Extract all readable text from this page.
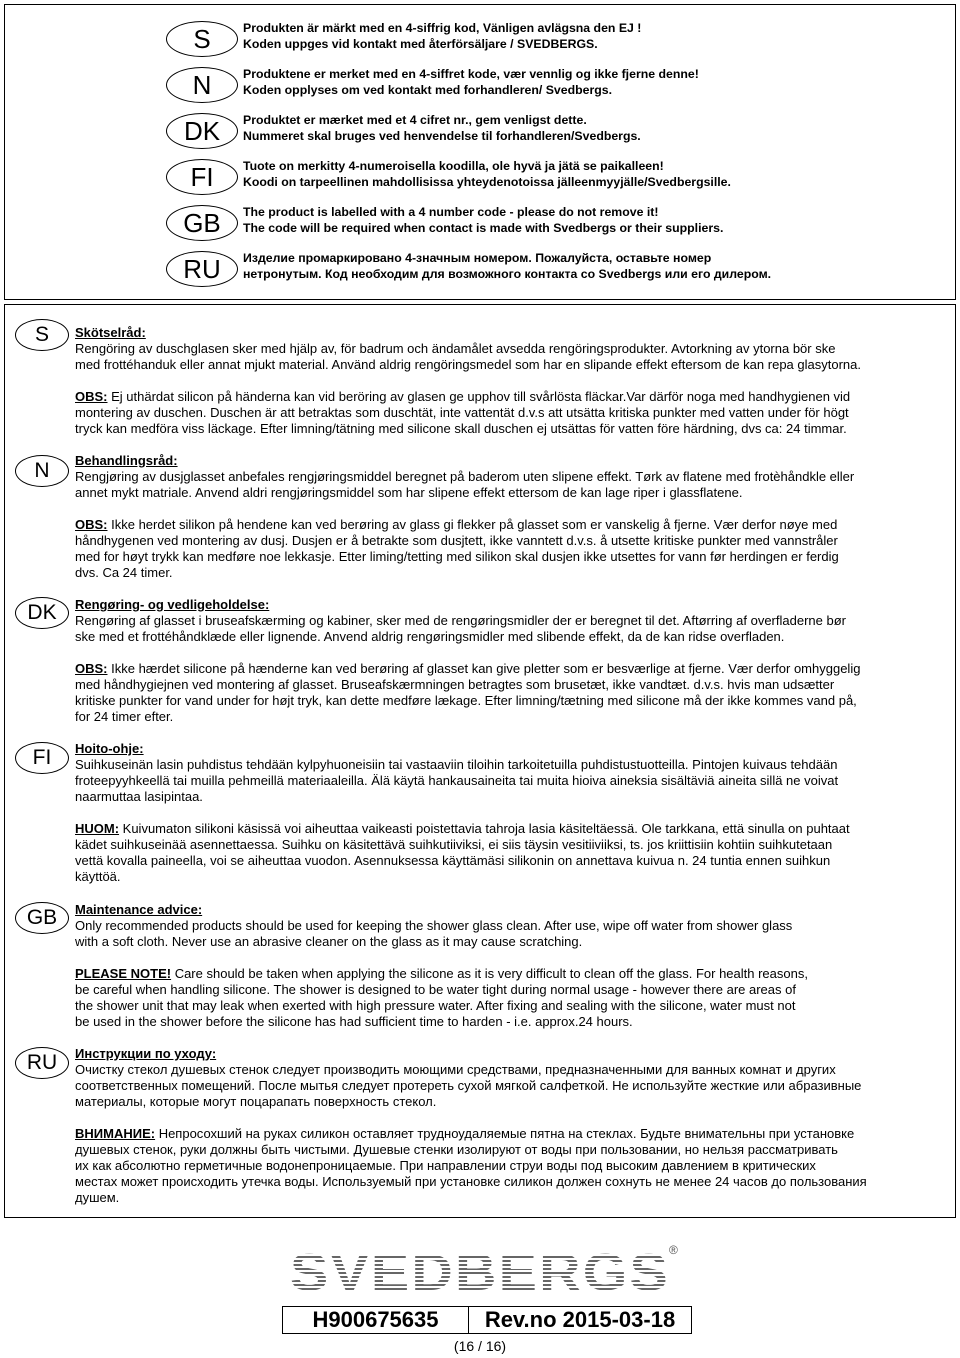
S
N
DK
FI
GB
RU
Produkten är märkt med en 4-siffrig kod, Vänligen avlägsna den EJ !
Koden uppges vid kontakt med återförsäljare / SVEDBERGS.
Produktene er merket med en 4-siffret kode, vær vennlig og ikke fjerne denne!
Koden opplyses om ved kontakt med forhandleren/ Svedbergs.
Produktet er mærket med et 4 cifret nr., gem venligst dette.
Nummeret skal bruges ved henvendelse til forhandleren/Svedbergs.
Tuote on merkitty 4-numeroisella koodilla, ole hyvä ja jätä se paikalleen!
Koodi on tarpeellinen mahdollisissa yhteydenotoissa jälleenmyyjälle/Svedbergsille.
The product is labelled with a 4 number code - please do not remove it!
The code will be required when contact is made with Svedbergs or their suppliers.
Изделие промаркировано 4-значным номером. Пожалуйста, оставьте номер
нетронутым. Код необходим для возможного контакта со Svedbergs или его дилером.
S
N
DK
FI
GB
RU
Skötselråd:

Rengöring av duschglasen sker med hjälp av, för badrum och ändamålet avsedda rengöringsprodukter. Avtorkning av ytorna bör ske

med frottéhanduk eller annat mjukt material. Använd aldrig rengöringsmedel som har en slipande effekt eftersom de kan repa glasytorna.

OBS: Ej uthärdat silicon på händerna kan vid beröring av glasen ge upphov till svårlösta fläckar.Var därför noga med handhygienen vid

montering av duschen. Duschen är att betraktas som duschtät, inte vattentät d.v.s att utsätta kritiska punkter med vatten under för högt

tryck kan medföra viss läckage. Efter limning/tätning med silicone skall duschen ej utsättas för vatten före härdning, dvs ca: 24 timmar.

Behandlingsråd:

Rengjøring av dusjglasset anbefales rengjøringsmiddel beregnet på baderom uten slipene effekt. Tørk av flatene med frotèhåndkle eller

annet mykt matriale. Anvend aldri rengjøringsmiddel som har slipene effekt ettersom de kan lage riper i glassflatene.

OBS: Ikke herdet silikon på hendene kan ved berøring av glass gi flekker på glasset som er vanskelig å fjerne. Vær derfor nøye med

håndhygenen ved montering av dusj. Dusjen er å betrakte som dusjtett, ikke vanntett d.v.s. å utsette kritiske punkter med vannstråler

med for høyt trykk kan medføre noe lekkasje. Etter liming/tetting med silikon skal dusjen ikke utsettes for vann før herdingen er ferdig

dvs. Ca 24 timer.

Rengøring- og vedligeholdelse:

Rengøring af glasset i bruseafskærming og kabiner, sker med de rengøringsmidler der er beregnet til det. Aftørring af overfladerne bør

ske med et frottéhåndklæde eller lignende. Anvend aldrig rengøringsmidler med slibende effekt, da de kan ridse overfladen.

OBS: Ikke hærdet silicone på hænderne kan ved berøring af glasset kan give pletter som er besværlige at fjerne. Vær derfor omhyggelig

med håndhygiejnen ved montering af glasset. Bruseafskærmningen betragtes som brusetæt, ikke vandtæt. d.v.s. hvis man udsætter

kritiske punkter for vand under for højt tryk, kan dette medføre lækage. Efter limning/tætning med silicone må der ikke kommes vand på,

for 24 timer efter.

Hoito-ohje:

Suihkuseinän lasin puhdistus tehdään kylpyhuoneisiin tai vastaaviin tiloihin tarkoitetuilla puhdistustuotteilla. Pintojen kuivaus tehdään

froteepyyhkeellä tai muilla pehmeillä materiaaleilla. Älä käytä hankausaineita tai muita hioiva aineksia sisältäviä aineita sillä ne voivat

naarmuttaa lasipintaa.

HUOM: Kuivumaton silikoni käsissä voi aiheuttaa vaikeasti poistettavia tahroja lasia käsiteltäessä. Ole tarkkana, että sinulla on puhtaat

kädet suihkuseinää asennettaessa. Suihku on käsitettävä suihkutiiviksi, ei siis täysin vesitiiviiksi, ts. jos kriittisiin kohtiin suihkutetaan

vettä kovalla paineella, voi se aiheuttaa vuodon. Asennuksessa käyttämäsi silikonin on annettava kuivua n. 24 tuntia ennen suihkun

käyttöä.

Maintenance advice:

Only recommended products should be used for keeping the shower glass clean. After use, wipe off water from shower glass

with a soft cloth. Never use an abrasive cleaner on the glass as it may cause scratching.

PLEASE NOTE! Care should be taken when applying the silicone as it is very difficult to clean off the glass. For health reasons,

be careful when handling silicone. The shower is designed to be water tight during normal usage - however there are areas of

the shower unit that may leak when exerted with high pressure water. After fixing and sealing with the silicone, water must not

be used in the shower before the silicone has had sufficient time to harden - i.e. approx.24 hours.

Инструкции по уходу:

Очистку стекол душевых стенок следует производить моющими средствами, предназначенными для ванных комнат и других

соответственных помещений. После мытья следует протереть сухой мягкой салфеткой. Не используйте жесткие или абразивные

материалы, которые могут поцарапать поверхность стекол.

ВНИМАНИЕ: Непросохший на руках силикон оставляет трудноудаляемые пятна на стеклах. Будьте внимательны при установке

душевых стенок, руки должны быть чистыми. Душевые стенки изолируют от воды при пользовании, но нельзя рассматривать

их как абсолютно герметичные водонепроницаемые. При направлении струи воды под высоким давлением в критических

местах может происходить утечка воды. Используемый при установке силикон должен сохнуть не менее 24 часов до пользования

душем.

SVEDBERGS ®
H900675635	Rev.no 2015-03-18
(16 / 16)
